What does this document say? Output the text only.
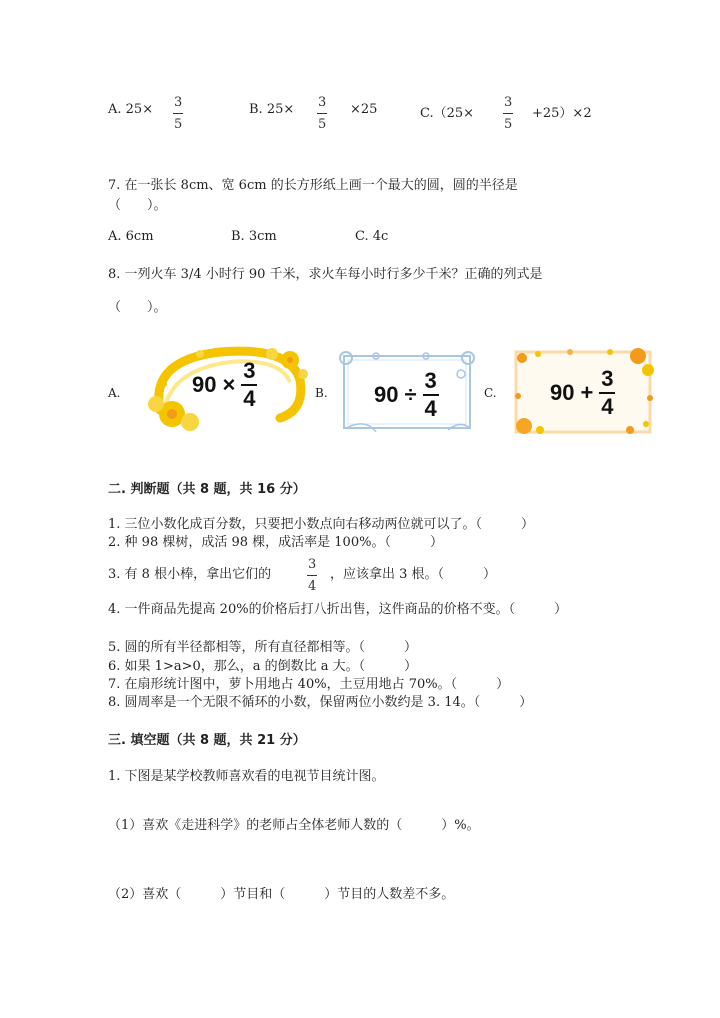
A. 25× 3
5
B. 25× 3
5
×25	C.（25×
3
5
+25）×2
7. 在一张长 8cm、宽 6cm 的长方形纸上画一个最大的圆，圆的半径是
（　　）。
A. 6cm	B. 3cm	C. 4c
8. 一列火车 3/4 小时行 90 千米，求火车每小时行多少千米？正确的列式是
（　　）。
A.	90 ×
3
4	B. 90 ÷
3
4
C. 90 +
3
4
二. 判断题（共 8 题，共 16 分）
1. 三位小数化成百分数，只要把小数点向右移动两位就可以了。（　　　）
2. 种 98 棵树，成活 98 棵，成活率是 100%。（　　　）
3. 有 8 根小棒，拿出它们的
3
4
，应该拿出 3 根。（　　　）
4. 一件商品先提高 20%的价格后打八折出售，这件商品的价格不变。（　　　）
5. 圆的所有半径都相等，所有直径都相等。（　　　）
6. 如果 1>a>0，那么，a 的倒数比 a 大。（　　　）
7. 在扇形统计图中，萝卜用地占 40%，土豆用地占 70%。（　　　）
8. 圆周率是一个无限不循环的小数，保留两位小数约是 3. 14。（　　　）
三. 填空题（共 8 题，共 21 分）
1. 下图是某学校教师喜欢看的电视节目统计图。
（1）喜欢《走进科学》的老师占全体老师人数的（　　　）%。
（2）喜欢（　　　）节目和（　　　）节目的人数差不多。
